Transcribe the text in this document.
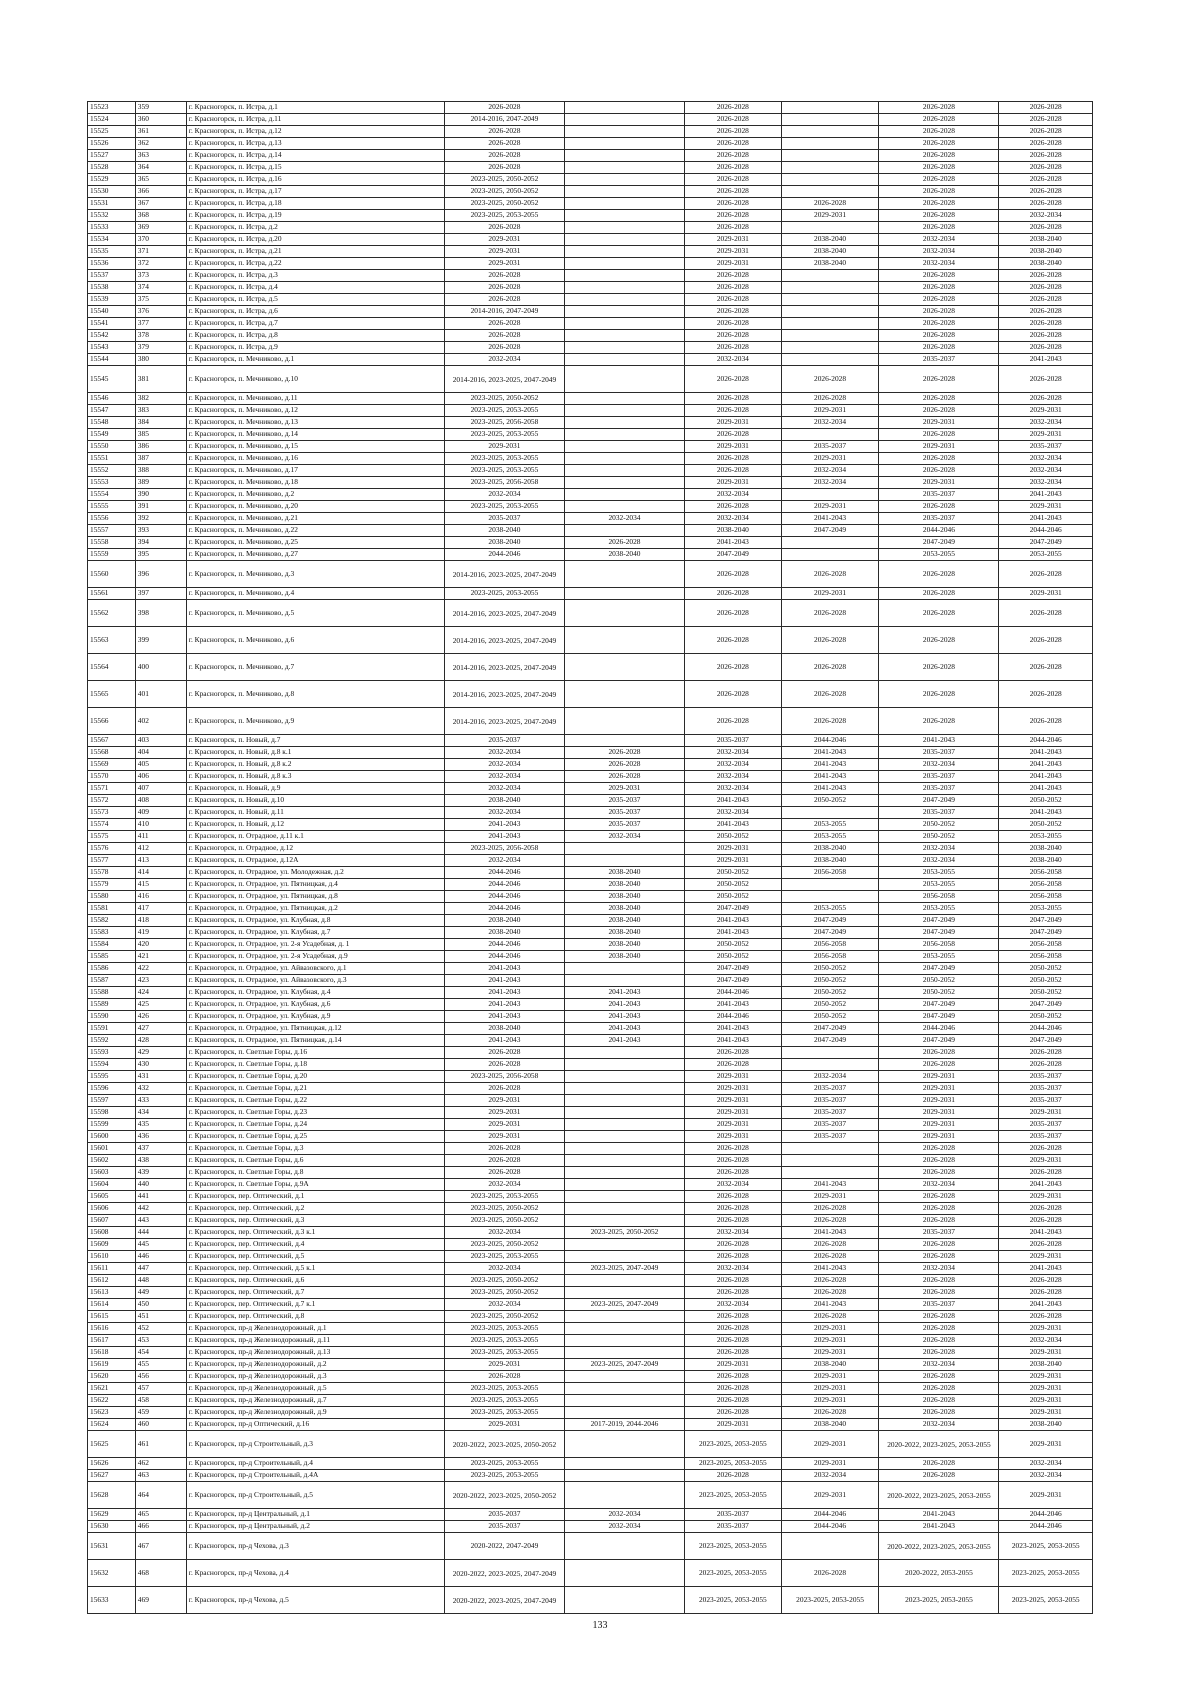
15523	359	г. Красногорск, п. Истра, д.1	2026-2028		2026-2028		2026-2028	2026-2028
15524	360	г. Красногорск, п. Истра, д.11	2014-2016, 2047-2049		2026-2028		2026-2028	2026-2028
15525	361	г. Красногорск, п. Истра, д.12	2026-2028		2026-2028		2026-2028	2026-2028
15526	362	г. Красногорск, п. Истра, д.13	2026-2028		2026-2028		2026-2028	2026-2028
15527	363	г. Красногорск, п. Истра, д.14	2026-2028		2026-2028		2026-2028	2026-2028
15528	364	г. Красногорск, п. Истра, д.15	2026-2028		2026-2028		2026-2028	2026-2028
15529	365	г. Красногорск, п. Истра, д.16	2023-2025, 2050-2052		2026-2028		2026-2028	2026-2028
15530	366	г. Красногорск, п. Истра, д.17	2023-2025, 2050-2052		2026-2028		2026-2028	2026-2028
15531	367	г. Красногорск, п. Истра, д.18	2023-2025, 2050-2052		2026-2028	2026-2028	2026-2028	2026-2028
15532	368	г. Красногорск, п. Истра, д.19	2023-2025, 2053-2055		2026-2028	2029-2031	2026-2028	2032-2034
15533	369	г. Красногорск, п. Истра, д.2	2026-2028		2026-2028		2026-2028	2026-2028
15534	370	г. Красногорск, п. Истра, д.20	2029-2031		2029-2031	2038-2040	2032-2034	2038-2040
15535	371	г. Красногорск, п. Истра, д.21	2029-2031		2029-2031	2038-2040	2032-2034	2038-2040
15536	372	г. Красногорск, п. Истра, д.22	2029-2031		2029-2031	2038-2040	2032-2034	2038-2040
15537	373	г. Красногорск, п. Истра, д.3	2026-2028		2026-2028		2026-2028	2026-2028
15538	374	г. Красногорск, п. Истра, д.4	2026-2028		2026-2028		2026-2028	2026-2028
15539	375	г. Красногорск, п. Истра, д.5	2026-2028		2026-2028		2026-2028	2026-2028
15540	376	г. Красногорск, п. Истра, д.6	2014-2016, 2047-2049		2026-2028		2026-2028	2026-2028
15541	377	г. Красногорск, п. Истра, д.7	2026-2028		2026-2028		2026-2028	2026-2028
15542	378	г. Красногорск, п. Истра, д.8	2026-2028		2026-2028		2026-2028	2026-2028
15543	379	г. Красногорск, п. Истра, д.9	2026-2028		2026-2028		2026-2028	2026-2028
15544	380	г. Красногорск, п. Мечниково, д.1	2032-2034		2032-2034		2035-2037	2041-2043
15545	381	г. Красногорск, п. Мечниково, д.10	2014-2016, 2023-2025, 2047-2049		2026-2028	2026-2028	2026-2028	2026-2028
15546	382	г. Красногорск, п. Мечниково, д.11	2023-2025, 2050-2052		2026-2028	2026-2028	2026-2028	2026-2028
15547	383	г. Красногорск, п. Мечниково, д.12	2023-2025, 2053-2055		2026-2028	2029-2031	2026-2028	2029-2031
15548	384	г. Красногорск, п. Мечниково, д.13	2023-2025, 2056-2058		2029-2031	2032-2034	2029-2031	2032-2034
15549	385	г. Красногорск, п. Мечниково, д.14	2023-2025, 2053-2055		2026-2028		2026-2028	2029-2031
15550	386	г. Красногорск, п. Мечниково, д.15	2029-2031		2029-2031	2035-2037	2029-2031	2035-2037
15551	387	г. Красногорск, п. Мечниково, д.16	2023-2025, 2053-2055		2026-2028	2029-2031	2026-2028	2032-2034
15552	388	г. Красногорск, п. Мечниково, д.17	2023-2025, 2053-2055		2026-2028	2032-2034	2026-2028	2032-2034
15553	389	г. Красногорск, п. Мечниково, д.18	2023-2025, 2056-2058		2029-2031	2032-2034	2029-2031	2032-2034
15554	390	г. Красногорск, п. Мечниково, д.2	2032-2034		2032-2034		2035-2037	2041-2043
15555	391	г. Красногорск, п. Мечниково, д.20	2023-2025, 2053-2055		2026-2028	2029-2031	2026-2028	2029-2031
15556	392	г. Красногорск, п. Мечниково, д.21	2035-2037	2032-2034	2032-2034	2041-2043	2035-2037	2041-2043
15557	393	г. Красногорск, п. Мечниково, д.22	2038-2040		2038-2040	2047-2049	2044-2046	2044-2046
15558	394	г. Красногорск, п. Мечниково, д.25	2038-2040	2026-2028	2041-2043		2047-2049	2047-2049
15559	395	г. Красногорск, п. Мечниково, д.27	2044-2046	2038-2040	2047-2049		2053-2055	2053-2055
15560	396	г. Красногорск, п. Мечниково, д.3	2014-2016, 2023-2025, 2047-2049		2026-2028	2026-2028	2026-2028	2026-2028
15561	397	г. Красногорск, п. Мечниково, д.4	2023-2025, 2053-2055		2026-2028	2029-2031	2026-2028	2029-2031
15562	398	г. Красногорск, п. Мечниково, д.5	2014-2016, 2023-2025, 2047-2049		2026-2028	2026-2028	2026-2028	2026-2028
15563	399	г. Красногорск, п. Мечниково, д.6	2014-2016, 2023-2025, 2047-2049		2026-2028	2026-2028	2026-2028	2026-2028
15564	400	г. Красногорск, п. Мечниково, д.7	2014-2016, 2023-2025, 2047-2049		2026-2028	2026-2028	2026-2028	2026-2028
15565	401	г. Красногорск, п. Мечниково, д.8	2014-2016, 2023-2025, 2047-2049		2026-2028	2026-2028	2026-2028	2026-2028
15566	402	г. Красногорск, п. Мечниково, д.9	2014-2016, 2023-2025, 2047-2049		2026-2028	2026-2028	2026-2028	2026-2028
15567	403	г. Красногорск, п. Новый, д.7	2035-2037		2035-2037	2044-2046	2041-2043	2044-2046
15568	404	г. Красногорск, п. Новый, д.8 к.1	2032-2034	2026-2028	2032-2034	2041-2043	2035-2037	2041-2043
15569	405	г. Красногорск, п. Новый, д.8 к.2	2032-2034	2026-2028	2032-2034	2041-2043	2032-2034	2041-2043
15570	406	г. Красногорск, п. Новый, д.8 к.3	2032-2034	2026-2028	2032-2034	2041-2043	2035-2037	2041-2043
15571	407	г. Красногорск, п. Новый, д.9	2032-2034	2029-2031	2032-2034	2041-2043	2035-2037	2041-2043
15572	408	г. Красногорск, п. Новый, д.10	2038-2040	2035-2037	2041-2043	2050-2052	2047-2049	2050-2052
15573	409	г. Красногорск, п. Новый, д.11	2032-2034	2035-2037	2032-2034		2035-2037	2041-2043
15574	410	г. Красногорск, п. Новый, д.12	2041-2043	2035-2037	2041-2043	2053-2055	2050-2052	2050-2052
15575	411	г. Красногорск, п. Отрадное, д.11 к.1	2041-2043	2032-2034	2050-2052	2053-2055	2050-2052	2053-2055
15576	412	г. Красногорск, п. Отрадное, д.12	2023-2025, 2056-2058		2029-2031	2038-2040	2032-2034	2038-2040
15577	413	г. Красногорск, п. Отрадное, д.12А	2032-2034		2029-2031	2038-2040	2032-2034	2038-2040
15578	414	г. Красногорск, п. Отрадное, ул. Молодежная, д.2	2044-2046	2038-2040	2050-2052	2056-2058	2053-2055	2056-2058
15579	415	г. Красногорск, п. Отрадное, ул. Пятницкая, д.4	2044-2046	2038-2040	2050-2052		2053-2055	2056-2058
15580	416	г. Красногорск, п. Отрадное, ул. Пятницкая, д.8	2044-2046	2038-2040	2050-2052		2056-2058	2056-2058
15581	417	г. Красногорск, п. Отрадное, ул. Пятницкая, д.2	2044-2046	2038-2040	2047-2049	2053-2055	2053-2055	2053-2055
15582	418	г. Красногорск, п. Отрадное, ул. Клубная, д.8	2038-2040	2038-2040	2041-2043	2047-2049	2047-2049	2047-2049
15583	419	г. Красногорск, п. Отрадное, ул. Клубная, д.7	2038-2040	2038-2040	2041-2043	2047-2049	2047-2049	2047-2049
15584	420	г. Красногорск, п. Отрадное, ул. 2-я Усадебная, д. 1	2044-2046	2038-2040	2050-2052	2056-2058	2056-2058	2056-2058
15585	421	г. Красногорск, п. Отрадное, ул. 2-я Усадебная, д.9	2044-2046	2038-2040	2050-2052	2056-2058	2053-2055	2056-2058
15586	422	г. Красногорск, п. Отрадное, ул. Айвазовского, д.1	2041-2043		2047-2049	2050-2052	2047-2049	2050-2052
15587	423	г. Красногорск, п. Отрадное, ул. Айвазовского, д.3	2041-2043		2047-2049	2050-2052	2050-2052	2050-2052
15588	424	г. Красногорск, п. Отрадное, ул. Клубная, д.4	2041-2043	2041-2043	2044-2046	2050-2052	2050-2052	2050-2052
15589	425	г. Красногорск, п. Отрадное, ул. Клубная, д.6	2041-2043	2041-2043	2041-2043	2050-2052	2047-2049	2047-2049
15590	426	г. Красногорск, п. Отрадное, ул. Клубная, д.9	2041-2043	2041-2043	2044-2046	2050-2052	2047-2049	2050-2052
15591	427	г. Красногорск, п. Отрадное, ул. Пятницкая, д.12	2038-2040	2041-2043	2041-2043	2047-2049	2044-2046	2044-2046
15592	428	г. Красногорск, п. Отрадное, ул. Пятницкая, д.14	2041-2043	2041-2043	2041-2043	2047-2049	2047-2049	2047-2049
15593	429	г. Красногорск, п. Светлые Горы, д.16	2026-2028		2026-2028		2026-2028	2026-2028
15594	430	г. Красногорск, п. Светлые Горы, д.18	2026-2028		2026-2028		2026-2028	2026-2028
15595	431	г. Красногорск, п. Светлые Горы, д.20	2023-2025, 2056-2058		2029-2031	2032-2034	2029-2031	2035-2037
15596	432	г. Красногорск, п. Светлые Горы, д.21	2026-2028		2029-2031	2035-2037	2029-2031	2035-2037
15597	433	г. Красногорск, п. Светлые Горы, д.22	2029-2031		2029-2031	2035-2037	2029-2031	2035-2037
15598	434	г. Красногорск, п. Светлые Горы, д.23	2029-2031		2029-2031	2035-2037	2029-2031	2029-2031
15599	435	г. Красногорск, п. Светлые Горы, д.24	2029-2031		2029-2031	2035-2037	2029-2031	2035-2037
15600	436	г. Красногорск, п. Светлые Горы, д.25	2029-2031		2029-2031	2035-2037	2029-2031	2035-2037
15601	437	г. Красногорск, п. Светлые Горы, д.3	2026-2028		2026-2028		2026-2028	2026-2028
15602	438	г. Красногорск, п. Светлые Горы, д.6	2026-2028		2026-2028		2026-2028	2029-2031
15603	439	г. Красногорск, п. Светлые Горы, д.8	2026-2028		2026-2028		2026-2028	2026-2028
15604	440	г. Красногорск, п. Светлые Горы, д.9А	2032-2034		2032-2034	2041-2043	2032-2034	2041-2043
15605	441	г. Красногорск, пер. Оптический, д.1	2023-2025, 2053-2055		2026-2028	2029-2031	2026-2028	2029-2031
15606	442	г. Красногорск, пер. Оптический, д.2	2023-2025, 2050-2052		2026-2028	2026-2028	2026-2028	2026-2028
15607	443	г. Красногорск, пер. Оптический, д.3	2023-2025, 2050-2052		2026-2028	2026-2028	2026-2028	2026-2028
15608	444	г. Красногорск, пер. Оптический, д.3 к.1	2032-2034	2023-2025, 2050-2052	2032-2034	2041-2043	2035-2037	2041-2043
15609	445	г. Красногорск, пер. Оптический, д.4	2023-2025, 2050-2052		2026-2028	2026-2028	2026-2028	2026-2028
15610	446	г. Красногорск, пер. Оптический, д.5	2023-2025, 2053-2055		2026-2028	2026-2028	2026-2028	2029-2031
15611	447	г. Красногорск, пер. Оптический, д.5 к.1	2032-2034	2023-2025, 2047-2049	2032-2034	2041-2043	2032-2034	2041-2043
15612	448	г. Красногорск, пер. Оптический, д.6	2023-2025, 2050-2052		2026-2028	2026-2028	2026-2028	2026-2028
15613	449	г. Красногорск, пер. Оптический, д.7	2023-2025, 2050-2052		2026-2028	2026-2028	2026-2028	2026-2028
15614	450	г. Красногорск, пер. Оптический, д.7 к.1	2032-2034	2023-2025, 2047-2049	2032-2034	2041-2043	2035-2037	2041-2043
15615	451	г. Красногорск, пер. Оптический, д.8	2023-2025, 2050-2052		2026-2028	2026-2028	2026-2028	2026-2028
15616	452	г. Красногорск, пр-д Железнодорожный, д.1	2023-2025, 2053-2055		2026-2028	2029-2031	2026-2028	2029-2031
15617	453	г. Красногорск, пр-д Железнодорожный, д.11	2023-2025, 2053-2055		2026-2028	2029-2031	2026-2028	2032-2034
15618	454	г. Красногорск, пр-д Железнодорожный, д.13	2023-2025, 2053-2055		2026-2028	2029-2031	2026-2028	2029-2031
15619	455	г. Красногорск, пр-д Железнодорожный, д.2	2029-2031	2023-2025, 2047-2049	2029-2031	2038-2040	2032-2034	2038-2040
15620	456	г. Красногорск, пр-д Железнодорожный, д.3	2026-2028		2026-2028	2029-2031	2026-2028	2029-2031
15621	457	г. Красногорск, пр-д Железнодорожный, д.5	2023-2025, 2053-2055		2026-2028	2029-2031	2026-2028	2029-2031
15622	458	г. Красногорск, пр-д Железнодорожный, д.7	2023-2025, 2053-2055		2026-2028	2029-2031	2026-2028	2029-2031
15623	459	г. Красногорск, пр-д Железнодорожный, д.9	2023-2025, 2053-2055		2026-2028	2026-2028	2026-2028	2029-2031
15624	460	г. Красногорск, пр-д Оптический, д.16	2029-2031	2017-2019, 2044-2046	2029-2031	2038-2040	2032-2034	2038-2040
15625	461	г. Красногорск, пр-д Строительный, д.3	2020-2022, 2023-2025, 2050-2052		2023-2025, 2053-2055	2029-2031	2020-2022, 2023-2025, 2053-2055	2029-2031
15626	462	г. Красногорск, пр-д Строительный, д.4	2023-2025, 2053-2055		2023-2025, 2053-2055	2029-2031	2026-2028	2032-2034
15627	463	г. Красногорск, пр-д Строительный, д.4А	2023-2025, 2053-2055		2026-2028	2032-2034	2026-2028	2032-2034
15628	464	г. Красногорск, пр-д Строительный, д.5	2020-2022, 2023-2025, 2050-2052		2023-2025, 2053-2055	2029-2031	2020-2022, 2023-2025, 2053-2055	2029-2031
15629	465	г. Красногорск, пр-д Центральный, д.1	2035-2037	2032-2034	2035-2037	2044-2046	2041-2043	2044-2046
15630	466	г. Красногорск, пр-д Центральный, д.2	2035-2037	2032-2034	2035-2037	2044-2046	2041-2043	2044-2046
15631	467	г. Красногорск, пр-д Чехова, д.3	2020-2022, 2047-2049		2023-2025, 2053-2055		2020-2022, 2023-2025, 2053-2055	2023-2025, 2053-2055
15632	468	г. Красногорск, пр-д Чехова, д.4	2020-2022, 2023-2025, 2047-2049		2023-2025, 2053-2055	2026-2028	2020-2022, 2053-2055	2023-2025, 2053-2055
15633	469	г. Красногорск, пр-д Чехова, д.5	2020-2022, 2023-2025, 2047-2049		2023-2025, 2053-2055	2023-2025, 2053-2055	2023-2025, 2053-2055	2023-2025, 2053-2055
133
